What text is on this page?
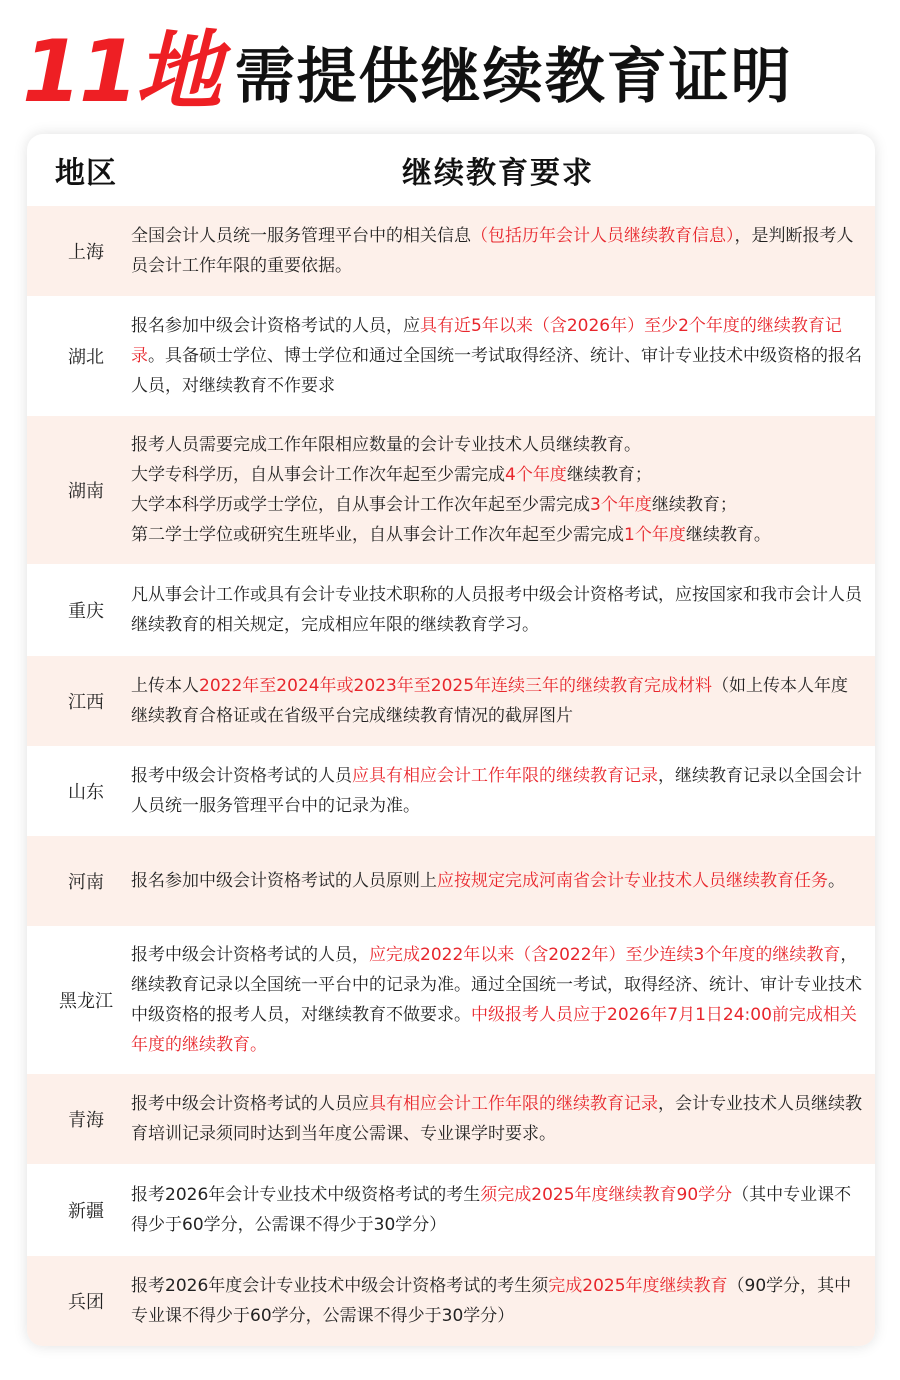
11地 需提供继续教育证明
地区	继续教育要求
上海
全国会计人员统一服务管理平台中的相关信息（包括历年会计人员继续教育信息），是判断报考人员会计工作年限的重要依据。
湖北
报名参加中级会计资格考试的人员，应具有近5年以来（含2026年）至少2个年度的继续教育记录。具备硕士学位、博士学位和通过全国统一考试取得经济、统计、审计专业技术中级资格的报名人员，对继续教育不作要求
湖南
报考人员需要完成工作年限相应数量的会计专业技术人员继续教育。
大学专科学历，自从事会计工作次年起至少需完成4个年度继续教育；
大学本科学历或学士学位，自从事会计工作次年起至少需完成3个年度继续教育；
第二学士学位或研究生班毕业，自从事会计工作次年起至少需完成1个年度继续教育。
重庆
凡从事会计工作或具有会计专业技术职称的人员报考中级会计资格考试，应按国家和我市会计人员继续教育的相关规定，完成相应年限的继续教育学习。
江西
上传本人2022年至2024年或2023年至2025年连续三年的继续教育完成材料（如上传本人年度继续教育合格证或在省级平台完成继续教育情况的截屏图片
山东
报考中级会计资格考试的人员应具有相应会计工作年限的继续教育记录，继续教育记录以全国会计人员统一服务管理平台中的记录为准。
河南	报名参加中级会计资格考试的人员原则上应按规定完成河南省会计专业技术人员继续教育任务。
黑龙江
报考中级会计资格考试的人员，应完成2022年以来（含2022年）至少连续3个年度的继续教育，继续教育记录以全国统一平台中的记录为准。通过全国统一考试，取得经济、统计、审计专业技术中级资格的报考人员，对继续教育不做要求。中级报考人员应于2026年7月1日24:00前完成相关年度的继续教育。
青海
报考中级会计资格考试的人员应具有相应会计工作年限的继续教育记录，会计专业技术人员继续教育培训记录须同时达到当年度公需课、专业课学时要求。
新疆
报考2026年会计专业技术中级资格考试的考生须完成2025年度继续教育90学分（其中专业课不得少于60学分，公需课不得少于30学分）
兵团
报考2026年度会计专业技术中级会计资格考试的考生须完成2025年度继续教育（90学分，其中专业课不得少于60学分，公需课不得少于30学分）
